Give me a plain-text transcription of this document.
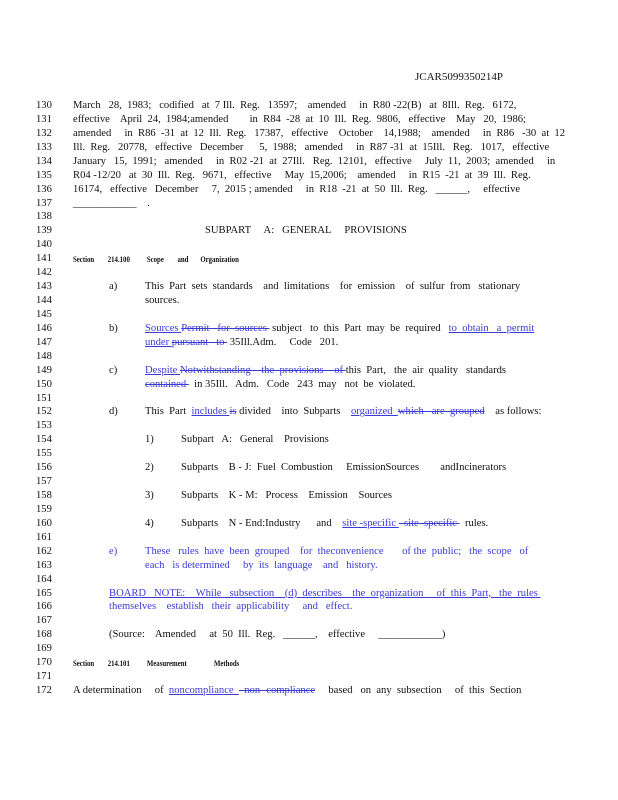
JCAR5099350214P
130	March   28,  1983;   codified   at  7 Ill.  Reg.   13597;    amended     in  R80 -22(B)   at  8Ill.  Reg.   6172,
131	effective    April  24,  1984;amended        in  R84  -28  at  10  Ill.  Reg.  9806,   effective    May   20,  1986;
132	amended     in  R86  -31  at  12  Ill.  Reg.   17387,   effective    October    14,1988;    amended     in  R86   -30  at  12
133	Ill.  Reg.   20778,   effective   December      5,  1988;   amended     in  R87 -31  at  15Ill.   Reg.   1017,   effective
134	January   15,  1991;   amended     in  R02 -21  at  27Ill.   Reg.  12101,   effective     July  11,  2003;  amended     in
135	R04 -12/20   at  30  Ill.  Reg.   9671,   effective     May  15,2006;    amended     in  R15  -21  at  39  Ill.  Reg.
136	16174,   effective   December     7,  2015 ; amended     in  R18  -21  at  50  Ill.  Reg.   ______,     effective
137	____________    .
138
139	SUBPART     A:   GENERAL     PROVISIONS
140
141	Section        214.100          Scope        and       Organization
142
143	a)	This  Part  sets  standards    and  limitations    for  emission    of  sulfur  from   stationary
144	sources.
145
146	b)	Sources Permit   for  sources  subject   to  this  Part  may  be  required   to  obtain   a  permit
147	under pursuant   to  35Ill.Adm.     Code   201.
148
149	c)	Despite Notwithstanding    the  provisions    of this  Part,   the  air  quality   standards
150	contained   in 35Ill.   Adm.   Code   243  may   not  be  violated.
151
152	d)	This  Part  includes is divided    into  Subparts    organized  which   are  grouped    as follows:
153
154	1)	Subpart   A:   General    Provisions
155
156	2)	Subparts    B - J:  Fuel  Combustion     EmissionSources        andIncinerators
157
158	3)	Subparts    K - M:   Process    Emission    Sources
159
160	4)	Subparts    N - End:Industry      and    site -specific   site  specific   rules.
161
162	e)	These   rules  have  been  grouped    for  theconvenience       of the  public;   the  scope   of
163	each   is determined     by  its  language    and   history.
164
165	BOARD   NOTE:    While   subsection    (d)  describes    the  organization     of  this  Part,   the  rules
166	themselves    establish   their  applicability     and   effect.
167
168	(Source:    Amended     at  50  Ill.  Reg.   ______,    effective     ____________)
169
170	Section        214.101          Measurement                Methods
171
172	A determination     of  noncompliance    non -compliance     based   on  any  subsection     of  this  Section
